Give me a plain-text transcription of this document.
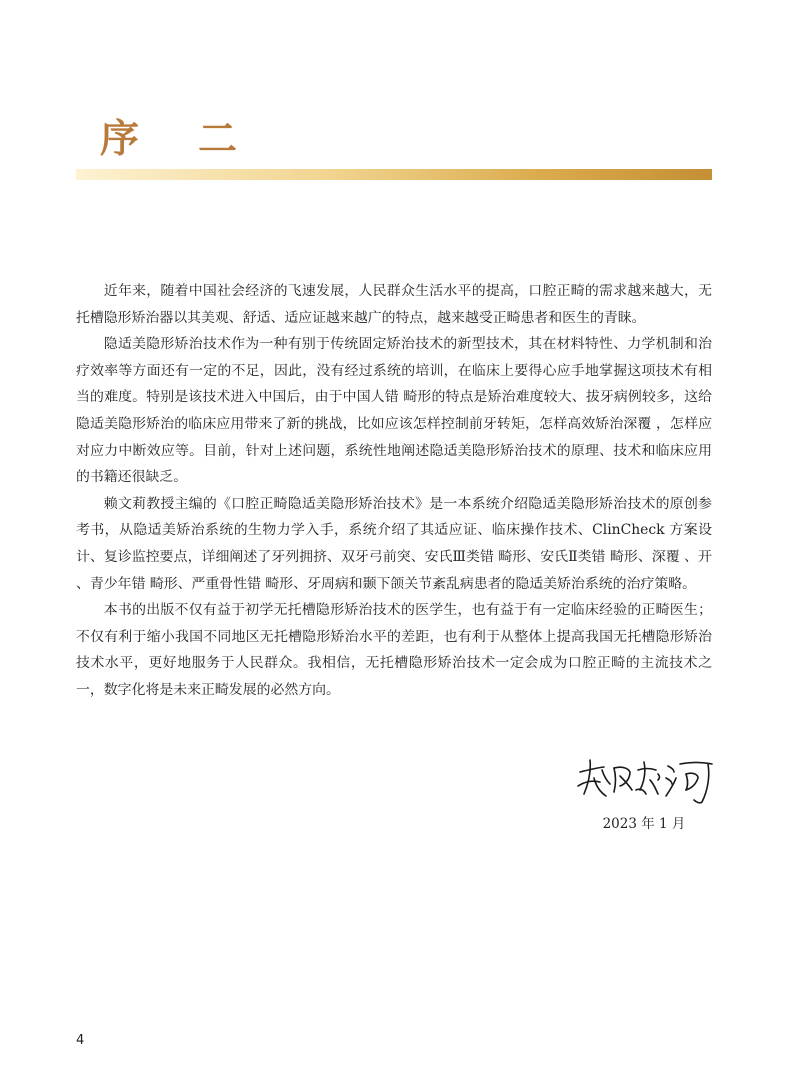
序 二

近年来，随着中国社会经济的飞速发展，人民群众生活水平的提高，口腔正畸的需求越来越大，无托槽隐形矫治器以其美观、舒适、适应证越来越广的特点，越来越受正畸患者和医生的青睐。

隐适美隐形矫治技术作为一种有别于传统固定矫治技术的新型技术，其在材料特性、力学机制和治疗效率等方面还有一定的不足，因此，没有经过系统的培训，在临床上要得心应手地掌握这项技术有相当的难度。特别是该技术进入中国后，由于中国人错 畸形的特点是矫治难度较大、拔牙病例较多，这给隐适美隐形矫治的临床应用带来了新的挑战，比如应该怎样控制前牙转矩，怎样高效矫治深覆 ，怎样应对应力中断效应等。目前，针对上述问题，系统性地阐述隐适美隐形矫治技术的原理、技术和临床应用的书籍还很缺乏。

赖文莉教授主编的《口腔正畸隐适美隐形矫治技术》是一本系统介绍隐适美隐形矫治技术的原创参考书，从隐适美矫治系统的生物力学入手，系统介绍了其适应证、临床操作技术、ClinCheck 方案设计、复诊监控要点，详细阐述了牙列拥挤、双牙弓前突、安氏Ⅲ类错 畸形、安氏Ⅱ类错 畸形、深覆 、开 、青少年错 畸形、严重骨性错 畸形、牙周病和颞下颌关节紊乱病患者的隐适美矫治系统的治疗策略。

本书的出版不仅有益于初学无托槽隐形矫治技术的医学生，也有益于有一定临床经验的正畸医生；不仅有利于缩小我国不同地区无托槽隐形矫治水平的差距，也有利于从整体上提高我国无托槽隐形矫治技术水平，更好地服务于人民群众。我相信，无托槽隐形矫治技术一定会成为口腔正畸的主流技术之一，数字化将是未来正畸发展的必然方向。

2023 年 1 月
4
